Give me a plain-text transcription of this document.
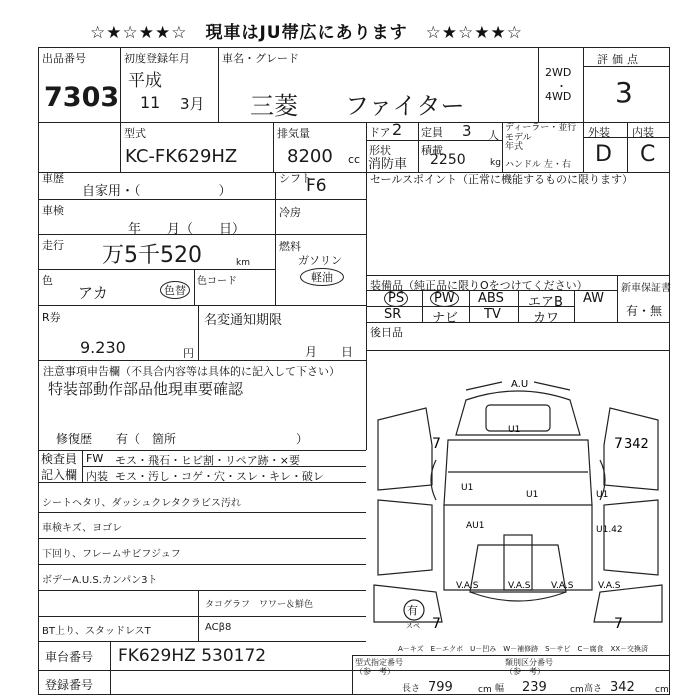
☆★☆★★☆　現車はJU帯広にあります　☆★☆★★☆
出品番号
7303
初度登録年月
平成
11 3月
車名・グレード
三菱 ファイター
2WD
・
4WD
評価点
3
型式
KC-FK629HZ
排気量
8200 cc
ドア 2 定員 3 人
形状
消防車
積載
2250	kg
ディーラー・並行
モデル 年式
ハンドル 左・右
外装 内装
D C
車歴
自家用・（　　　　　　）
車検
年　　月（　　日）
走行 万5千520	km
色
アカ	色替
色コード
シフト
F6
冷房
燃料
ガソリン
軽油
R券
9.230	円
名変通知期限
月　　日
セールスポイント（正常に機能するものに限ります）
装備品（純正品に限りOをつけてください）	新車保証書
有・無
PS	PW	ABS エアB AW
SR ナビ TV カワ
後日品
注意事項申告欄（不具合内容等は具体的に記入して下さい）
特装部動作部品他現車要確認
修復歴　　有（　箇所　　　　　　　　　　）
検査員 記入欄
FW モス・飛石・ヒビ割・リペア跡・×要
内装 モス・汚し・コゲ・穴・スレ・キレ・破レ
シートヘタリ、ダッシュクレタクラビス汚れ
車検キズ、ヨゴレ
下回り、フレームサビフジュフ
ボデーA.U.S.カンパン3ト
BT上り、スタッドレスT
タコグラフ　ワワー＆鮮色
ACβ8
車台番号 FK629HZ 530172
登録番号
A－キズ　E－エクボ　U－凹み　W－補修跡　S－サビ　C－腐食　XX－交換済
型式指定番号 （参　考）
類別区分番号 （参　考）
長さ 799	cm 幅 239	cm 高さ 342 cm
A.U
7	7
7	7
342
U1
U1
U1	U1
AU1	U1.42
V.A.S	V.A.S V.A.S	V.A.S
有
スペ
